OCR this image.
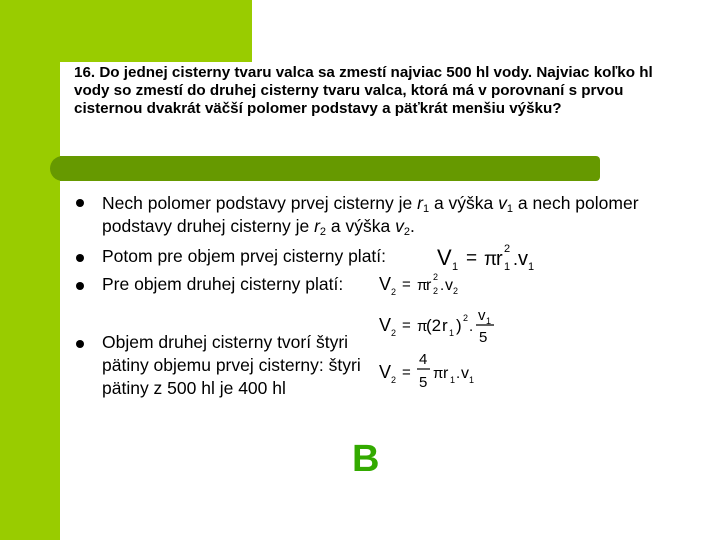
16. Do jednej cisterny tvaru valca sa zmestí najviac 500 hl vody. Najviac koľko hl vody so zmestí do druhej cisterny tvaru valca, ktorá má v porovnaní s prvou cisternou dvakrát väčší polomer podstavy a päťkrát menšiu výšku?
Nech polomer podstavy prvej cisterny je $r_1$ a výška $v_1$ a nech polomer podstavy druhej cisterny je $r_2$ a výška $v_2$.
Potom pre objem prvej cisterny platí:
Pre objem druhej cisterny platí:
Objem druhej cisterny tvorí štyri pätiny objemu prvej cisterny: štyri pätiny z 500 hl je 400 hl
V 1 = π
r 1
2 . v 1
V 2 = π
r 2
2 . v 2
V 2 = π
(2 r 1 ) 2 .
v 1
5
V 2 =
4
5
π r 1 . v 1
B
